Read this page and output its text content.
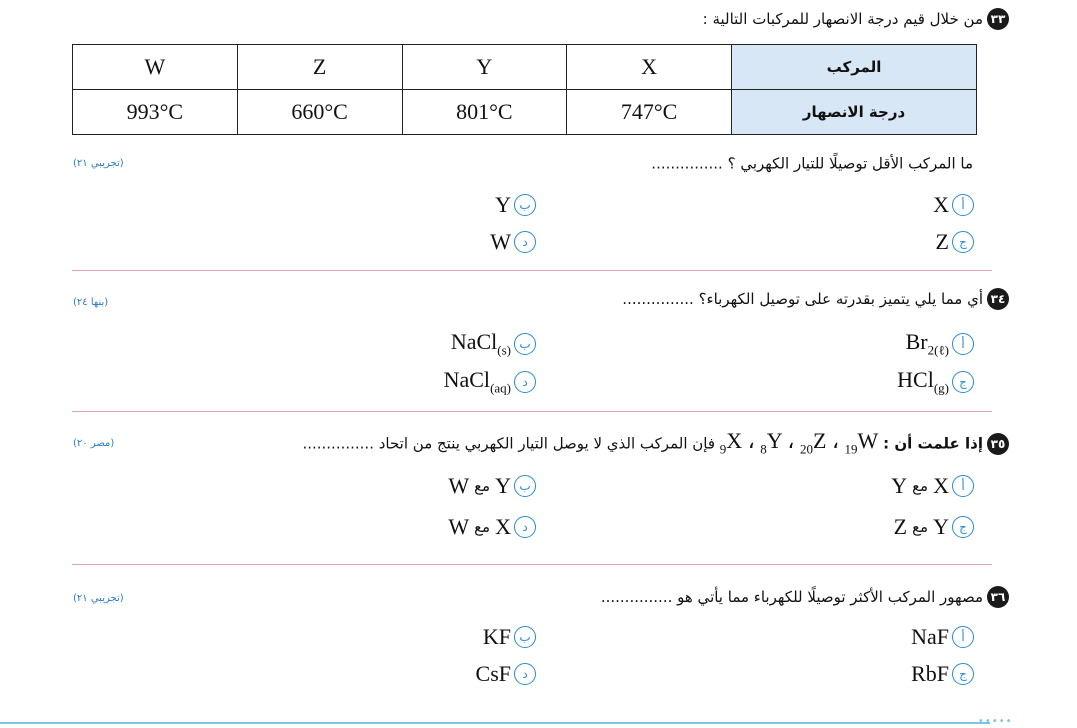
٣٣من خلال قيم درجة الانصهار للمركبات التالية :
المركب	X	Y	Z	W
درجة الانصهار	747°C	801°C	660°C	993°C
ما المركب الأقل توصيلًا للتيار الكهربي ؟ ...............
(تجريبي ٢١)
أ
X
ب
Y
ج
Z
د
W
٣٤أي مما يلي يتميز بقدرته على توصيل الكهرباء؟ ...............
(بنها ٢٤)
أ
$Br_{2(\ell)}$
ب
NaCl$_{(s)}$
ج
HCl$_{(g)}$
د
NaCl$_{(aq)}$
٣٥إذا علمت أن : $_9$X ، $_8$Y ، $_{20}$Z ، $_{19}$W فإن المركب الذي لا يوصل التيار الكهربي ينتج من اتحاد ...............
(مصر ٢٠)
أ
X
مع
Y
ب
Y
مع
W
ج
Y
مع
Z
د
X
مع
W
٣٦مصهور المركب الأكثر توصيلًا للكهرباء مما يأتي هو ...............
(تجريبي ٢١)
أ
NaF
ب
KF
ج
RbF
د
CsF
•••••
